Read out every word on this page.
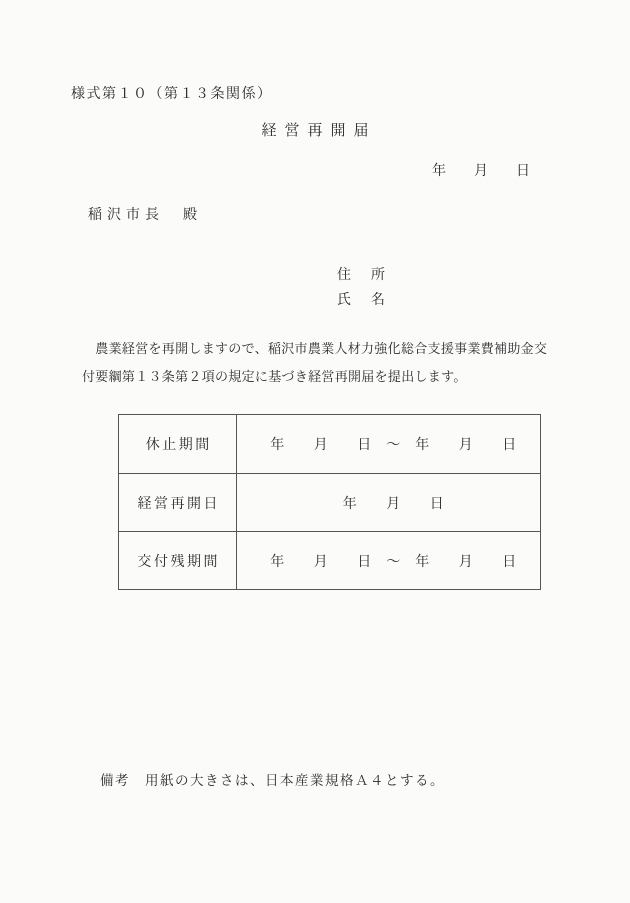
様式第１０（第１３条関係）
経営再開届
年　　月　　日
稲沢市長　殿
住　所
氏　名
　農業経営を再開しますので、稲沢市農業人材力強化総合支援事業費補助金交
付要綱第１３条第２項の規定に基づき経営再開届を提出します。
休止期間	年　　月　　日　～　年　　月　　日
経営再開日	年　　月　　日
交付残期間	年　　月　　日　～　年　　月　　日
備考　用紙の大きさは、日本産業規格Ａ４とする。
